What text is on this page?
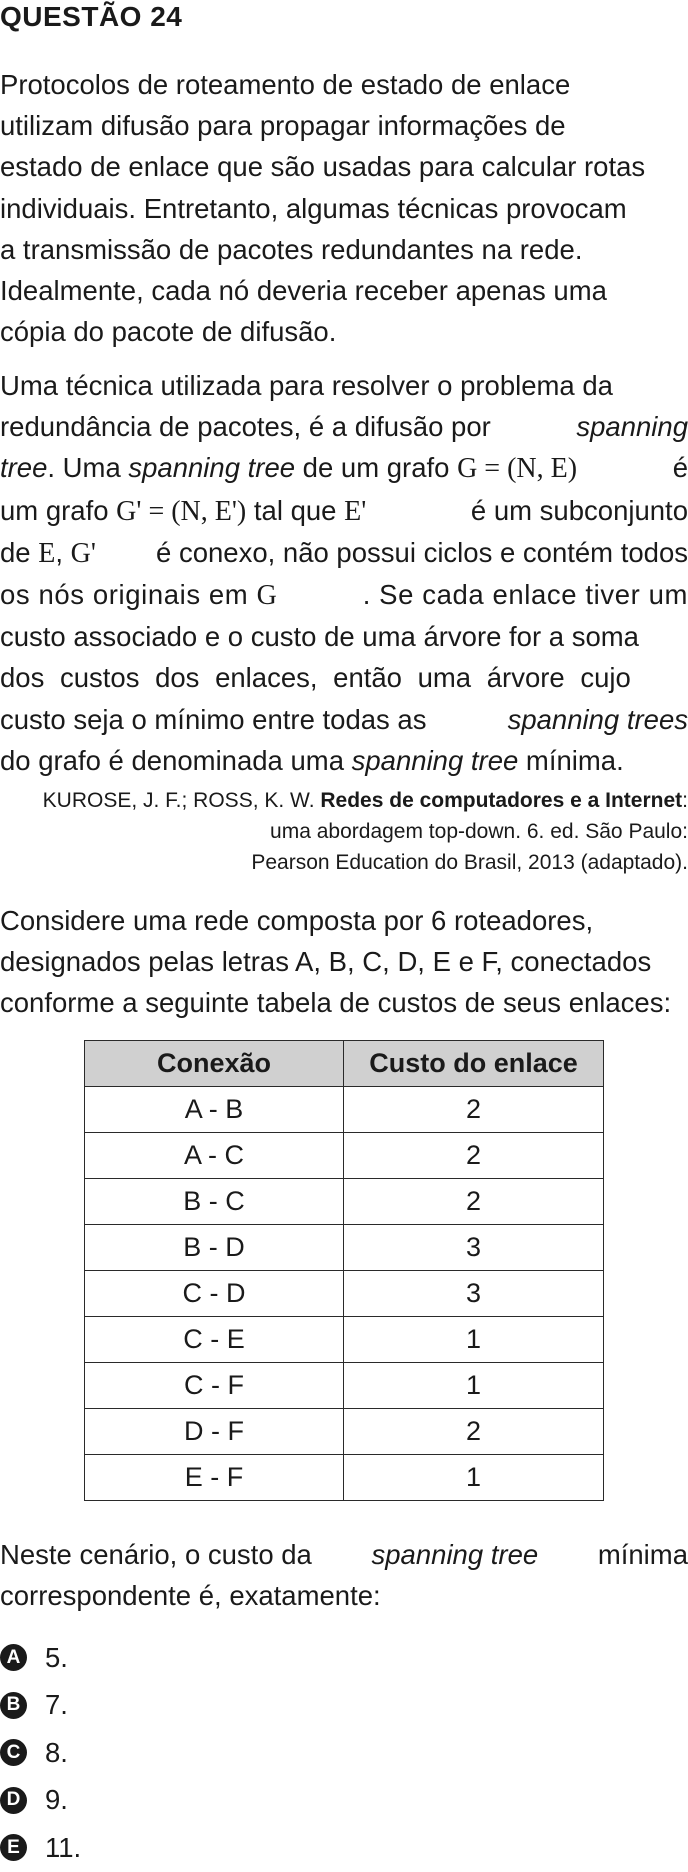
QUESTÃO 24
Protocolos de roteamento de estado de enlace
utilizam difusão para propagar informações de
estado de enlace que são usadas para calcular rotas
individuais. Entretanto, algumas técnicas provocam
a transmissão de pacotes redundantes na rede.
Idealmente, cada nó deveria receber apenas uma
cópia do pacote de difusão.
Uma técnica utilizada para resolver o problema da
redundância de pacotes, é a difusão por	spanning
tree. Uma spanning tree de um grafo G = (N, E)	é
um grafo G' = (N, E') tal que E'	é um subconjunto
de E, G' é conexo, não possui ciclos e contém todos
os nós originais em G	. Se cada enlace tiver um
custo associado e o custo de uma árvore for a soma
dos custos dos enlaces, então uma árvore cujo
custo seja o mínimo entre todas as	spanning trees
do grafo é denominada uma spanning tree mínima.
KUROSE, J. F.; ROSS, K. W. Redes de computadores e a Internet:
uma abordagem top-down. 6. ed. São Paulo:
Pearson Education do Brasil, 2013 (adaptado).
Considere uma rede composta por 6 roteadores,
designados pelas letras A, B, C, D, E e F, conectados
conforme a seguinte tabela de custos de seus enlaces:
Conexão	Custo do enlace
A - B	2
A - C	2
B - C	2
B - D	3
C - D	3
C - E	1
C - F	1
D - F	2
E - F	1
Neste cenário, o custo da spanning tree mínima
correspondente é, exatamente:
A 5.
B 7.
C 8.
D 9.
E 11.
